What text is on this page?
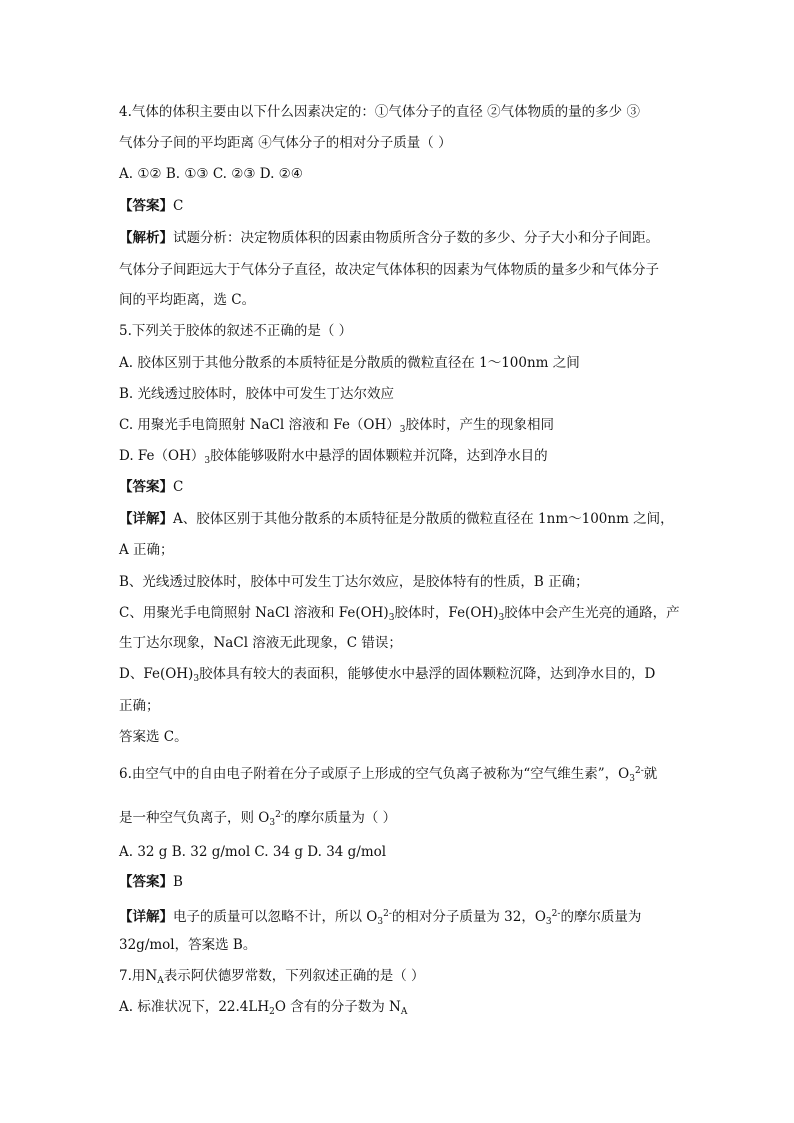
4.气体的体积主要由以下什么因素决定的：①气体分子的直径 ②气体物质的量的多少 ③
气体分子间的平均距离 ④气体分子的相对分子质量（ ）
A. ①② B. ①③ C. ②③ D. ②④
【答案】C
【解析】试题分析：决定物质体积的因素由物质所含分子数的多少、分子大小和分子间距。
气体分子间距远大于气体分子直径，故决定气体体积的因素为气体物质的量多少和气体分子
间的平均距离，选 C。
5.下列关于胶体的叙述不正确的是（ ）
A. 胶体区别于其他分散系的本质特征是分散质的微粒直径在 1～100nm 之间
B. 光线透过胶体时，胶体中可发生丁达尔效应
C. 用聚光手电筒照射 NaCl 溶液和 $Fe(OH)_3$胶体时，产生的现象相同
D. $Fe(OH)_3$胶体能够吸附水中悬浮的固体颗粒并沉降，达到净水目的
【答案】C
【详解】A、胶体区别于其他分散系的本质特征是分散质的微粒直径在 1nm～100nm 之间，
A 正确；
B、光线透过胶体时，胶体中可发生丁达尔效应，是胶体特有的性质，B 正确；
C、用聚光手电筒照射 NaCl 溶液和 $Fe(OH)_3$胶体时，$Fe(OH)_3$胶体中会产生光亮的通路，产
生丁达尔现象，NaCl 溶液无此现象，C 错误；
D、$Fe(OH)_3$胶体具有较大的表面积，能够使水中悬浮的固体颗粒沉降，达到净水目的，D
正确；
答案选 C。
6.由空气中的自由电子附着在分子或原子上形成的空气负离子被称为“空气维生素”，$O_3^{2-}$就
是一种空气负离子，则 $O_3^{2-}$的摩尔质量为（ ）
A. 32 g B. 32 g/mol C. 34 g D. 34 g/mol
【答案】B
【详解】电子的质量可以忽略不计，所以 $O_3^{2-}$的相对分子质量为 32，$O_3^{2-}$的摩尔质量为
32g/mol，答案选 B。
7.用$N_A$表示阿伏德罗常数，下列叙述正确的是（ ）
A. 标准状况下，$22.4LH_2O$ 含有的分子数为 $N_A$
